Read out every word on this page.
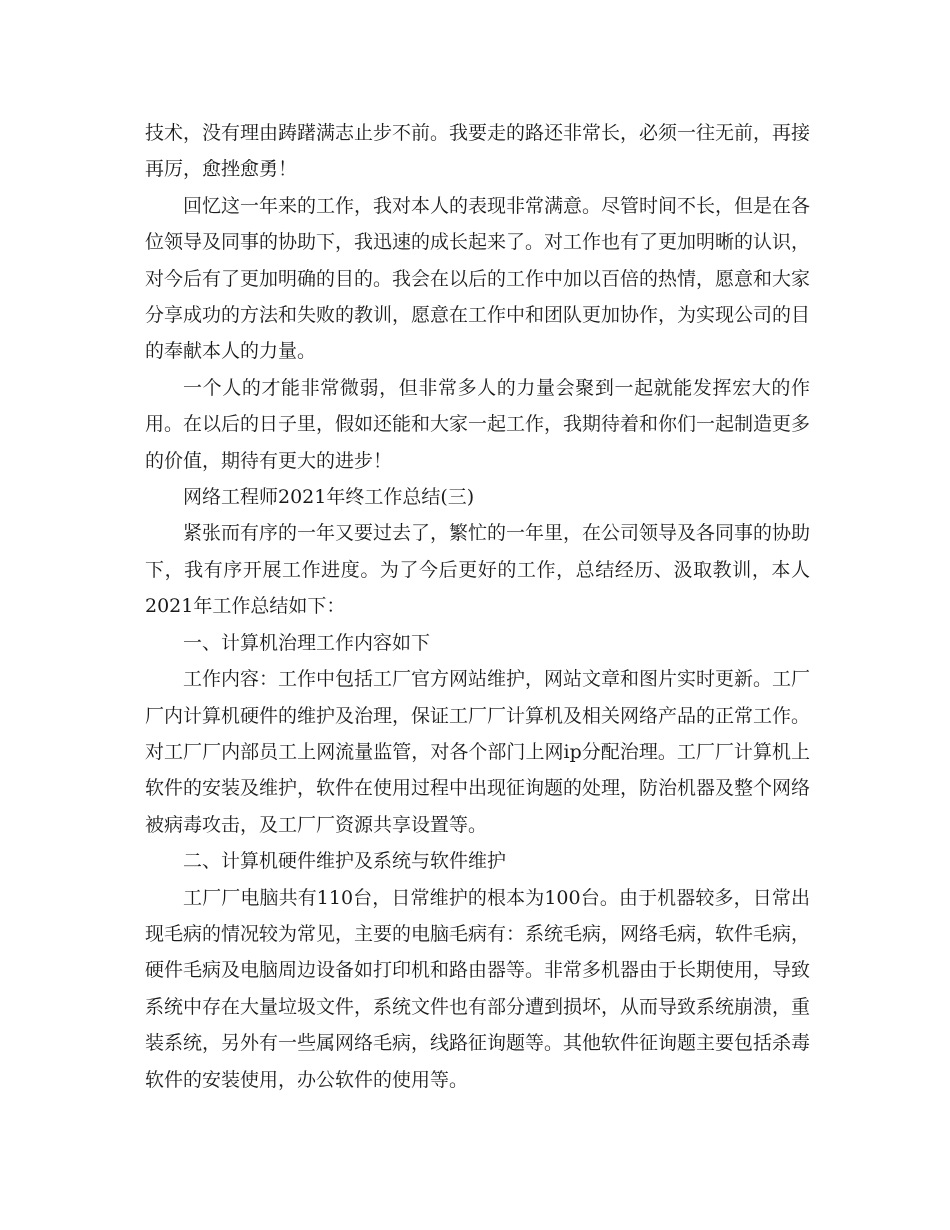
技术，没有理由踌躇满志止步不前。我要走的路还非常长，必须一往无前，再接再厉，愈挫愈勇！

回忆这一年来的工作，我对本人的表现非常满意。尽管时间不长，但是在各位领导及同事的协助下，我迅速的成长起来了。对工作也有了更加明晰的认识，对今后有了更加明确的目的。我会在以后的工作中加以百倍的热情，愿意和大家分享成功的方法和失败的教训，愿意在工作中和团队更加协作，为实现公司的目的奉献本人的力量。

一个人的才能非常微弱，但非常多人的力量会聚到一起就能发挥宏大的作用。在以后的日子里，假如还能和大家一起工作，我期待着和你们一起制造更多的价值，期待有更大的进步！

网络工程师2021年终工作总结(三)

紧张而有序的一年又要过去了，繁忙的一年里，在公司领导及各同事的协助下，我有序开展工作进度。为了今后更好的工作，总结经历、汲取教训，本人2021年工作总结如下：

一、计算机治理工作内容如下

工作内容：工作中包括工厂官方网站维护，网站文章和图片实时更新。工厂厂内计算机硬件的维护及治理，保证工厂厂计算机及相关网络产品的正常工作。对工厂厂内部员工上网流量监管，对各个部门上网ip分配治理。工厂厂计算机上软件的安装及维护，软件在使用过程中出现征询题的处理，防治机器及整个网络被病毒攻击，及工厂厂资源共享设置等。

二、计算机硬件维护及系统与软件维护

工厂厂电脑共有110台，日常维护的根本为100台。由于机器较多，日常出现毛病的情况较为常见，主要的电脑毛病有：系统毛病，网络毛病，软件毛病，硬件毛病及电脑周边设备如打印机和路由器等。非常多机器由于长期使用，导致系统中存在大量垃圾文件，系统文件也有部分遭到损坏，从而导致系统崩溃，重装系统，另外有一些属网络毛病，线路征询题等。其他软件征询题主要包括杀毒软件的安装使用，办公软件的使用等。
